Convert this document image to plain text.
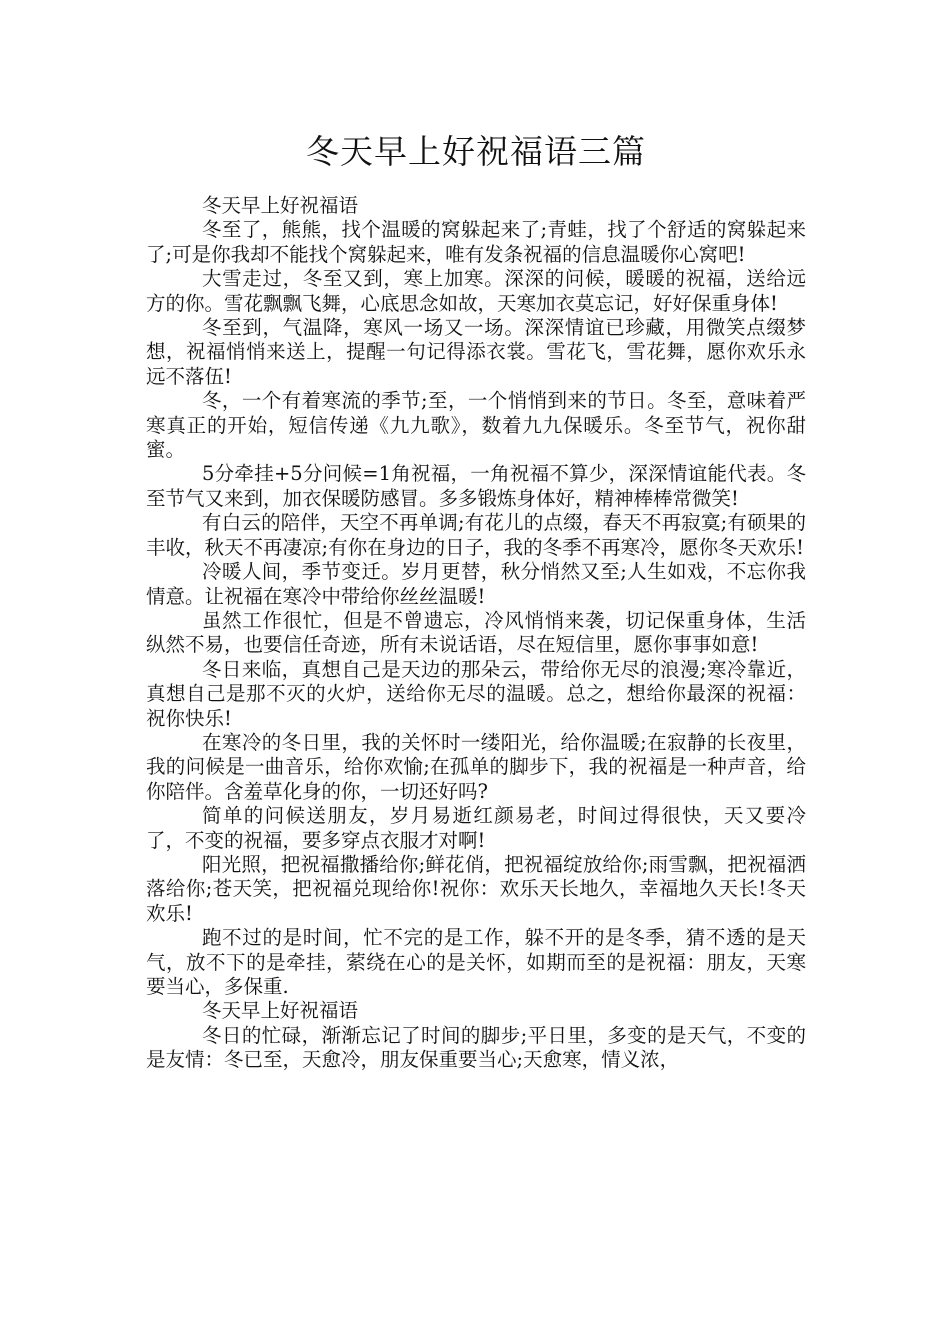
冬天早上好祝福语三篇

冬天早上好祝福语

冬至了，熊熊，找个温暖的窝躲起来了;青蛙，找了个舒适的窝躲起来了;可是你我却不能找个窝躲起来，唯有发条祝福的信息温暖你心窝吧!

大雪走过，冬至又到，寒上加寒。深深的问候，暖暖的祝福，送给远方的你。雪花飘飘飞舞，心底思念如故，天寒加衣莫忘记，好好保重身体!

冬至到，气温降，寒风一场又一场。深深情谊已珍藏，用微笑点缀梦想，祝福悄悄来送上，提醒一句记得添衣裳。雪花飞，雪花舞，愿你欢乐永远不落伍!

冬，一个有着寒流的季节;至，一个悄悄到来的节日。冬至，意味着严寒真正的开始，短信传递《九九歌》，数着九九保暖乐。冬至节气，祝你甜蜜。

5分牵挂+5分问候=1角祝福，一角祝福不算少，深深情谊能代表。冬至节气又来到，加衣保暖防感冒。多多锻炼身体好，精神棒棒常微笑!

有白云的陪伴，天空不再单调;有花儿的点缀，春天不再寂寞;有硕果的丰收，秋天不再凄凉;有你在身边的日子，我的冬季不再寒冷，愿你冬天欢乐!

冷暖人间，季节变迁。岁月更替，秋分悄然又至;人生如戏，不忘你我情意。让祝福在寒冷中带给你丝丝温暖!

虽然工作很忙，但是不曾遗忘，冷风悄悄来袭，切记保重身体，生活纵然不易，也要信任奇迹，所有未说话语，尽在短信里，愿你事事如意!

冬日来临，真想自己是天边的那朵云，带给你无尽的浪漫;寒冷靠近，真想自己是那不灭的火炉，送给你无尽的温暖。总之，想给你最深的祝福：祝你快乐!

在寒冷的冬日里，我的关怀时一缕阳光，给你温暖;在寂静的长夜里，我的问候是一曲音乐，给你欢愉;在孤单的脚步下，我的祝福是一种声音，给你陪伴。含羞草化身的你，一切还好吗?

简单的问候送朋友，岁月易逝红颜易老，时间过得很快，天又要冷了，不变的祝福，要多穿点衣服才对啊!

阳光照，把祝福撒播给你;鲜花俏，把祝福绽放给你;雨雪飘，把祝福洒落给你;苍天笑，把祝福兑现给你!祝你：欢乐天长地久，幸福地久天长!冬天欢乐!

跑不过的是时间，忙不完的是工作，躲不开的是冬季，猜不透的是天气，放不下的是牵挂，萦绕在心的是关怀，如期而至的是祝福：朋友，天寒要当心，多保重.

冬天早上好祝福语

冬日的忙碌，渐渐忘记了时间的脚步;平日里，多变的是天气，不变的是友情：冬已至，天愈冷，朋友保重要当心;天愈寒，情义浓，
